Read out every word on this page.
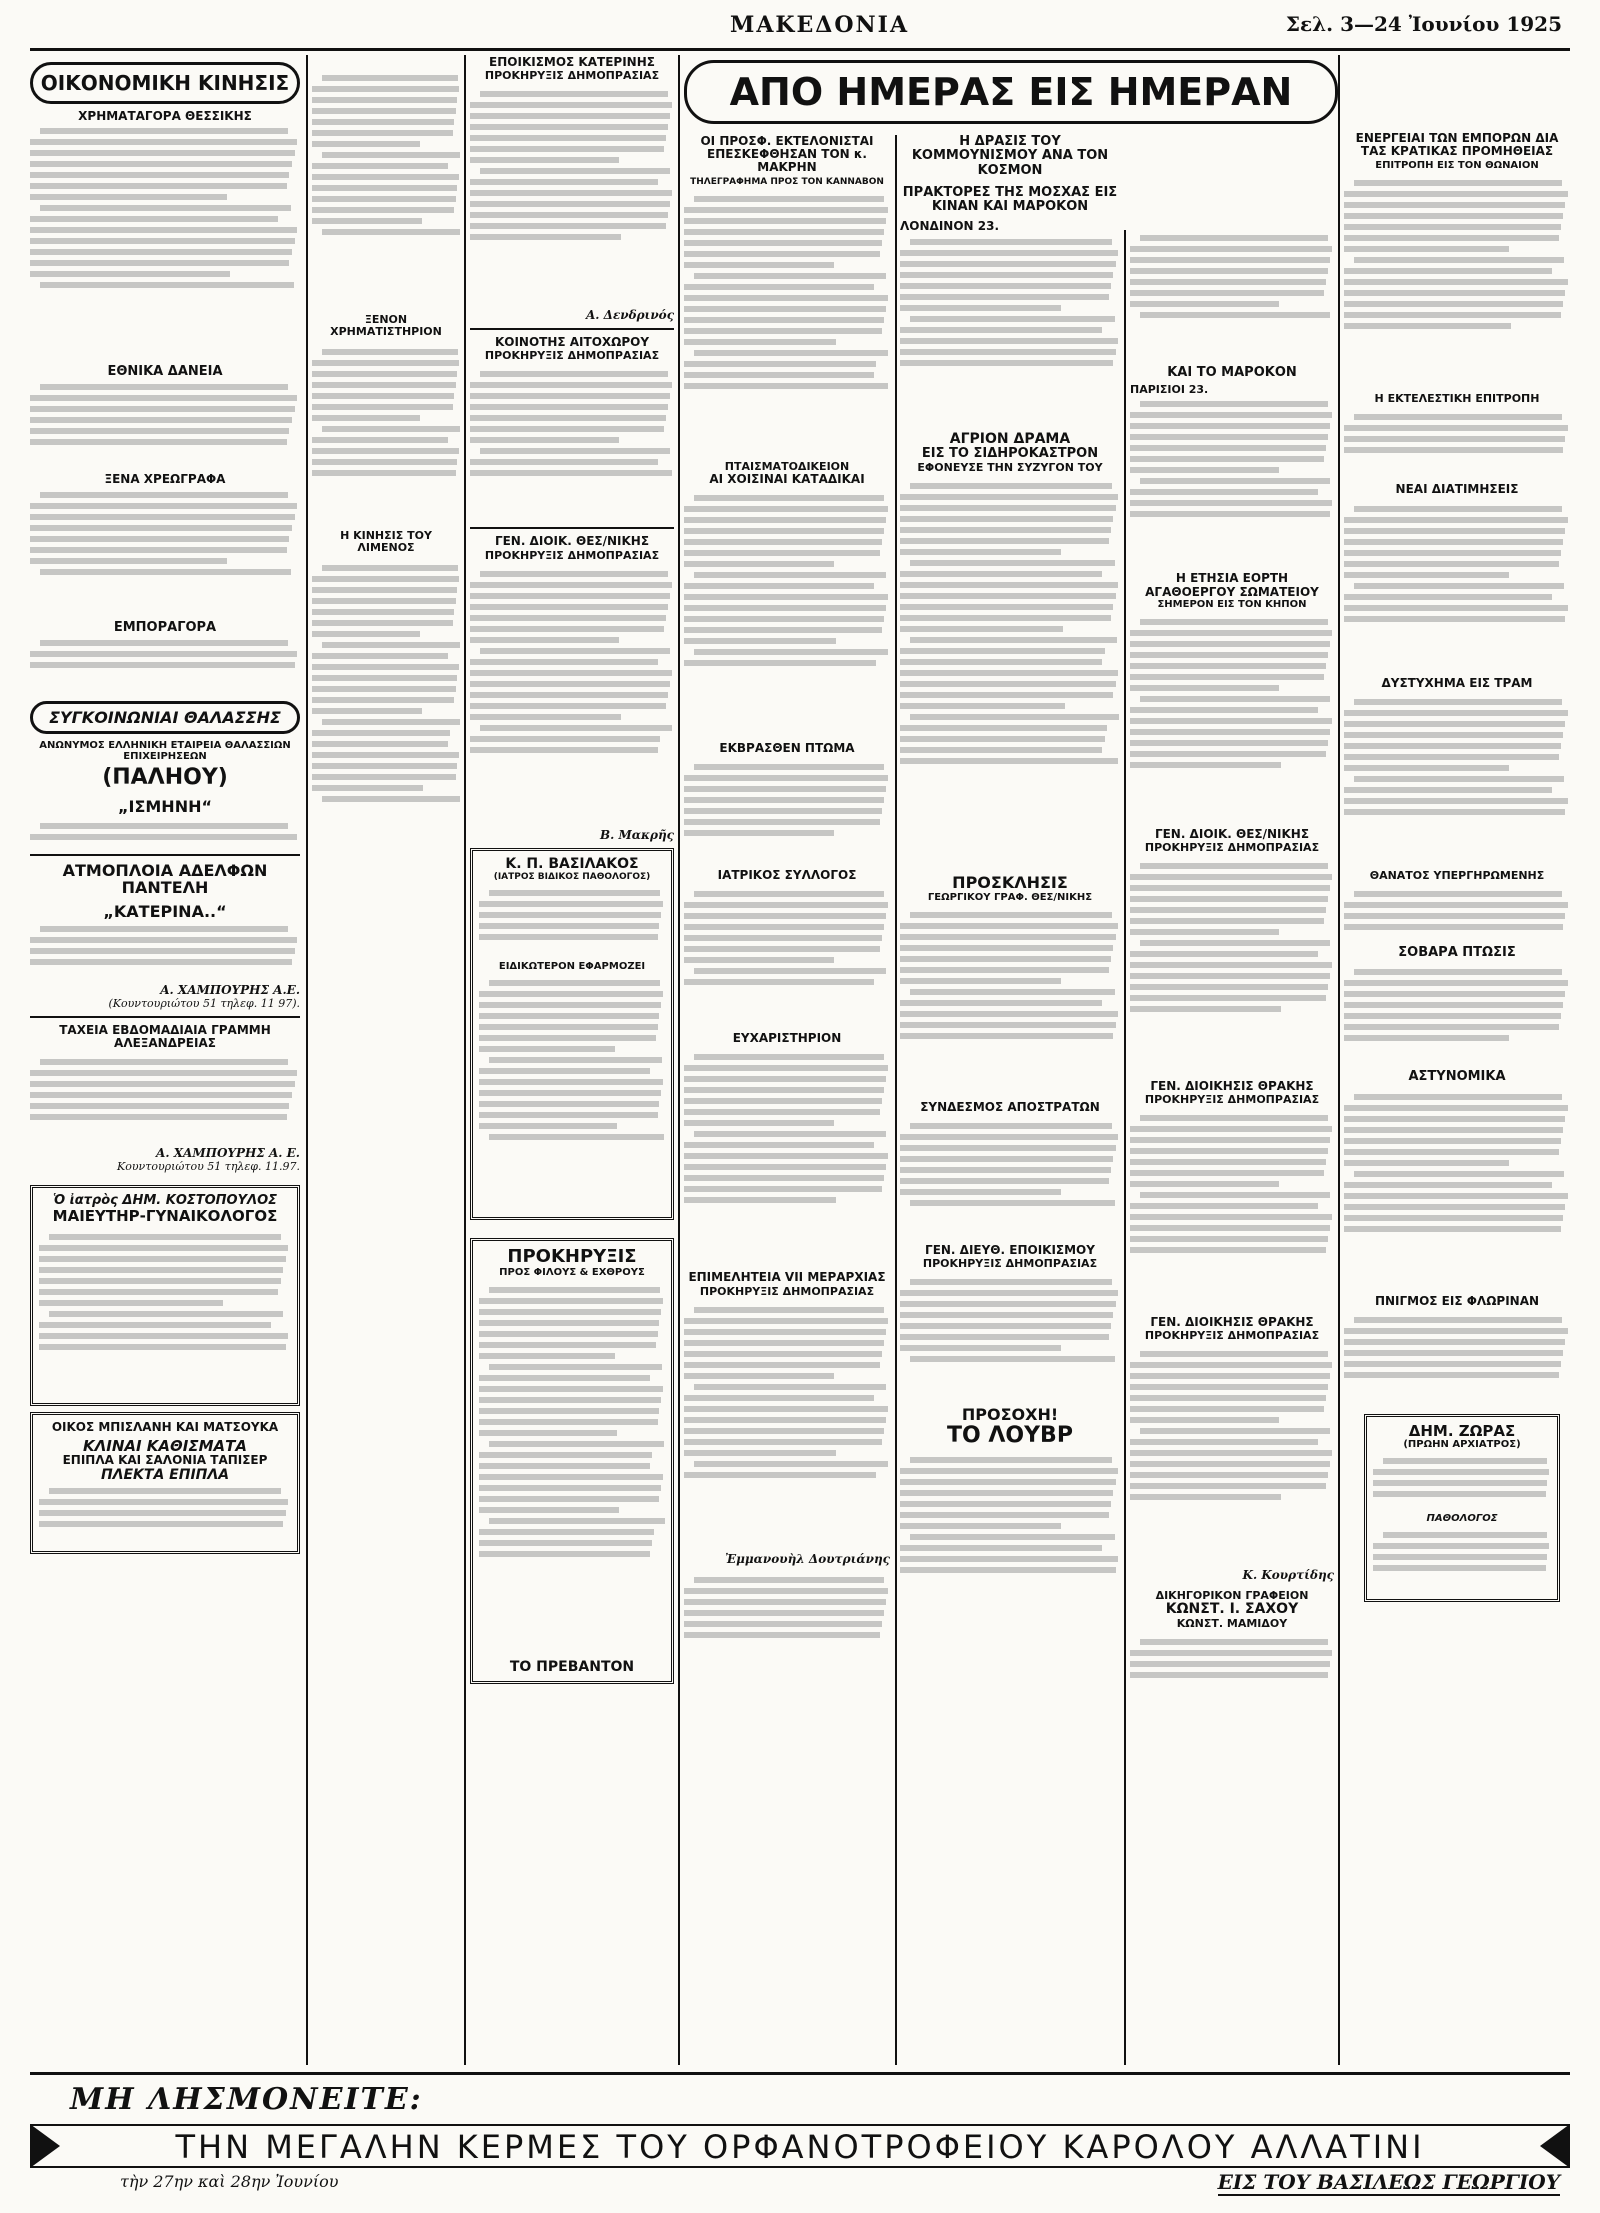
ΜΑΚΕΔΟΝΙΑ	Σελ. 3—24 Ἰουνίου 1925
ΟΙΚΟΝΟΜΙΚΗ ΚΙΝΗΣΙΣ
ΧΡΗΜΑΤΑΓΟΡΑ ΘΕΣΣΙΚΗΣ
ΕΘΝΙΚΑ ΔΑΝΕΙΑ
ΞΕΝΑ ΧΡΕΩΓΡΑΦΑ
ΕΜΠΟΡΑΓΟΡΑ
ΣΥΓΚΟΙΝΩΝΙΑΙ ΘΑΛΑΣΣΗΣ
ΑΝΩΝΥΜΟΣ ΕΛΛΗΝΙΚΗ ΕΤΑΙΡΕΙΑ ΘΑΛΑΣΣΙΩΝ ΕΠΙΧΕΙΡΗΣΕΩΝ
(ΠΑΛΗΟΥ)
„ΙΣΜΗΝΗ“
ΑΤΜΟΠΛΟΙΑ ΑΔΕΛΦΩΝ ΠΑΝΤΕΛΗ
„ΚΑΤΕΡΙΝΑ..“
Α. ΧΑΜΠΟΥΡΗΣ Α.Ε.
(Κουντουριώτου 51 τηλεφ. 11 97).
ΤΑΧΕΙΑ ΕΒΔΟΜΑΔΙΑΙΑ ΓΡΑΜΜΗ ΑΛΕΞΑΝΔΡΕΙΑΣ
Α. ΧΑΜΠΟΥΡΗΣ Α. Ε.
Κουντουριώτου 51 τηλεφ. 11.97.
Ὁ ἰατρὸς ΔΗΜ. ΚΟΣΤΟΠΟΥΛΟΣ
ΜΑΙΕΥΤΗΡ-ΓΥΝΑΙΚΟΛΟΓΟΣ
ΟΙΚΟΣ ΜΠΙΣΛΑΝΗ ΚΑΙ ΜΑΤΣΟΥΚΑ
ΚΛΙΝΑΙ ΚΑΘΙΣΜΑΤΑ
ΕΠΙΠΛΑ ΚΑΙ ΣΑΛΟΝΙΑ ΤΑΠΙΣΕΡ
ΠΛΕΚΤΑ ΕΠΙΠΛΑ
ΞΕΝΟΝ ΧΡΗΜΑΤΙΣΤΗΡΙΟΝ
Η ΚΙΝΗΣΙΣ ΤΟΥ ΛΙΜΕΝΟΣ
ΕΠΟΙΚΙΣΜΟΣ ΚΑΤΕΡΙΝΗΣ
ΠΡΟΚΗΡΥΞΙΣ ΔΗΜΟΠΡΑΣΙΑΣ
Α. Δενδρινός
ΚΟΙΝΟΤΗΣ ΑΙΤΟΧΩΡΟΥ
ΠΡΟΚΗΡΥΞΙΣ ΔΗΜΟΠΡΑΣΙΑΣ
ΓΕΝ. ΔΙΟΙΚ. ΘΕΣ/ΝΙΚΗΣ
ΠΡΟΚΗΡΥΞΙΣ ΔΗΜΟΠΡΑΣΙΑΣ
Β. Μακρῆς
Κ. Π. ΒΑΣΙΛΑΚΟΣ
(ΙΑΤΡΟΣ ΒΙΔΙΚΟΣ ΠΑΘΟΛΟΓΟΣ)
ΕΙΔΙΚΩΤΕΡΟΝ ΕΦΑΡΜΟΖΕΙ
ΠΡΟΚΗΡΥΞΙΣ
ΠΡΟΣ ΦΙΛΟΥΣ & ΕΧΘΡΟΥΣ
ΤΟ ΠΡΕΒΑΝΤΟΝ
ΑΠΟ ΗΜΕΡΑΣ ΕΙΣ ΗΜΕΡΑΝ
ΟΙ ΠΡΟΣΦ. ΕΚΤΕΛΟΝΙΣΤΑΙ ΕΠΕΣΚΕΦΘΗΣΑΝ ΤΟΝ κ. ΜΑΚΡΗΝ
ΤΗΛΕΓΡΑΦΗΜΑ ΠΡΟΣ ΤΟΝ ΚΑΝΝΑΒΟΝ
ΠΤΑΙΣΜΑΤΟΔΙΚΕΙΟΝ
ΑΙ ΧΟΙΣΙΝΑΙ ΚΑΤΑΔΙΚΑΙ
ΕΚΒΡΑΣΘΕΝ ΠΤΩΜΑ
ΙΑΤΡΙΚΟΣ ΣΥΛΛΟΓΟΣ
ΕΥΧΑΡΙΣΤΗΡΙΟΝ
ΕΠΙΜΕΛΗΤΕΙΑ VII ΜΕΡΑΡΧΙΑΣ
ΠΡΟΚΗΡΥΞΙΣ ΔΗΜΟΠΡΑΣΙΑΣ
Ἐμμανουὴλ Δουτριάνης
Η ΔΡΑΣΙΣ ΤΟΥ ΚΟΜΜΟΥΝΙΣΜΟΥ ΑΝΑ ΤΟΝ ΚΟΣΜΟΝ
ΠΡΑΚΤΟΡΕΣ ΤΗΣ ΜΟΣΧΑΣ ΕΙΣ ΚΙΝΑΝ ΚΑΙ ΜΑΡΟΚΟΝ
ΛΟΝΔΙΝΟΝ 23.
ΑΓΡΙΟΝ ΔΡΑΜΑ
ΕΙΣ ΤΟ ΣΙΔΗΡΟΚΑΣΤΡΟΝ
ΕΦΟΝΕΥΣΕ ΤΗΝ ΣΥΖΥΓΟΝ ΤΟΥ
ΠΡΟΣΚΛΗΣΙΣ
ΓΕΩΡΓΙΚΟΥ ΓΡΑΦ. ΘΕΣ/ΝΙΚΗΣ
ΣΥΝΔΕΣΜΟΣ ΑΠΟΣΤΡΑΤΩΝ
ΓΕΝ. ΔΙΕΥΘ. ΕΠΟΙΚΙΣΜΟΥ
ΠΡΟΚΗΡΥΞΙΣ ΔΗΜΟΠΡΑΣΙΑΣ
ΠΡΟΣΟΧΗ!
ΤΟ ΛΟΥΒΡ
ΚΑΙ ΤΟ ΜΑΡΟΚΟΝ
ΠΑΡΙΣΙΟΙ 23.
Η ΕΤΗΣΙΑ ΕΟΡΤΗ
ΑΓΑΘΟΕΡΓΟΥ ΣΩΜΑΤΕΙΟΥ
ΣΗΜΕΡΟΝ ΕΙΣ ΤΟΝ ΚΗΠΟΝ
ΓΕΝ. ΔΙΟΙΚ. ΘΕΣ/ΝΙΚΗΣ
ΠΡΟΚΗΡΥΞΙΣ ΔΗΜΟΠΡΑΣΙΑΣ
ΓΕΝ. ΔΙΟΙΚΗΣΙΣ ΘΡΑΚΗΣ
ΠΡΟΚΗΡΥΞΙΣ ΔΗΜΟΠΡΑΣΙΑΣ
ΓΕΝ. ΔΙΟΙΚΗΣΙΣ ΘΡΑΚΗΣ
ΠΡΟΚΗΡΥΞΙΣ ΔΗΜΟΠΡΑΣΙΑΣ
Κ. Κουρτίδης
ΔΙΚΗΓΟΡΙΚΟΝ ΓΡΑΦΕΙΟΝ
ΚΩΝΣΤ. Ι. ΣΑΧΟΥ
ΚΩΝΣΤ. ΜΑΜΙΔΟΥ
ΕΝΕΡΓΕΙΑΙ ΤΩΝ ΕΜΠΟΡΩΝ ΔΙΑ ΤΑΣ ΚΡΑΤΙΚΑΣ ΠΡΟΜΗΘΕΙΑΣ
ΕΠΙΤΡΟΠΗ ΕΙΣ ΤΟΝ ΘΩΝΑΙΟΝ
Η ΕΚΤΕΛΕΣΤΙΚΗ ΕΠΙΤΡΟΠΗ
ΝΕΑΙ ΔΙΑΤΙΜΗΣΕΙΣ
ΔΥΣΤΥΧΗΜΑ ΕΙΣ ΤΡΑΜ
ΘΑΝΑΤΟΣ ΥΠΕΡΓΗΡΩΜΕΝΗΣ
ΣΟΒΑΡΑ ΠΤΩΣΙΣ
ΑΣΤΥΝΟΜΙΚΑ
ΠΝΙΓΜΟΣ ΕΙΣ ΦΛΩΡΙΝΑΝ
ΔΗΜ. ΖΩΡΑΣ
(ΠΡΩΗΝ ΑΡΧΙΑΤΡΟΣ)
ΠΑΘΟΛΟΓΟΣ
ΜΗ ΛΗΣΜΟΝΕΙΤΕ:
ΤΗΝ ΜΕΓΑΛΗΝ ΚΕΡΜΕΣ ΤΟΥ ΟΡΦΑΝΟΤΡΟΦΕΙΟΥ ΚΑΡΟΛΟΥ ΑΛΛΑΤΙΝΙ
τὴν 27ην καὶ 28ην Ἰουνίου	ΕΙΣ ΤΟΥ ΒΑΣΙΛΕΩΣ ΓΕΩΡΓΙΟΥ
